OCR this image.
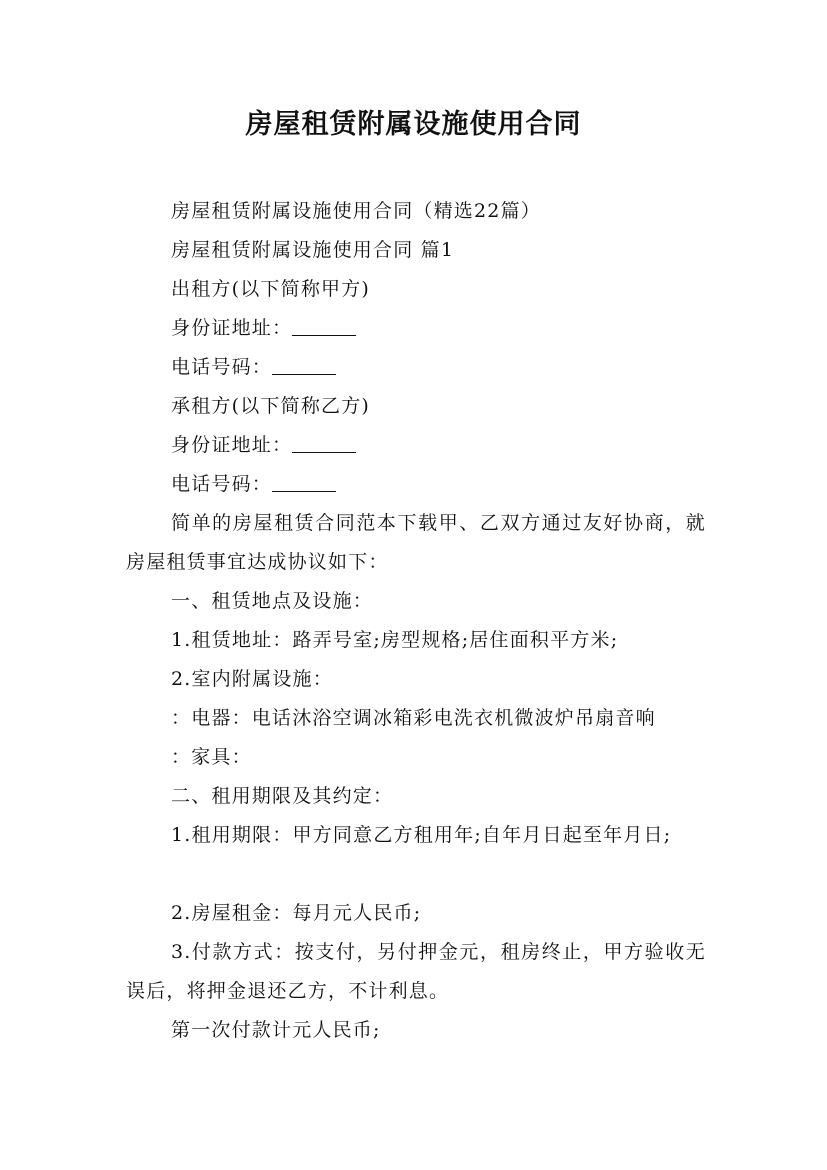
房屋租赁附属设施使用合同

房屋租赁附属设施使用合同（精选22篇）

房屋租赁附属设施使用合同 篇1

出租方(以下简称甲方)

身份证地址：

电话号码：

承租方(以下简称乙方)

身份证地址：

电话号码：

简单的房屋租赁合同范本下载甲、乙双方通过友好协商，就房屋租赁事宜达成协议如下：

一、租赁地点及设施：

1.租赁地址：路弄号室;房型规格;居住面积平方米;

2.室内附属设施：

：电器：电话沐浴空调冰箱彩电洗衣机微波炉吊扇音响

：家具：

二、租用期限及其约定：

1.租用期限：甲方同意乙方租用年;自年月日起至年月日;

2.房屋租金：每月元人民币;

3.付款方式：按支付，另付押金元，租房终止，甲方验收无误后，将押金退还乙方，不计利息。

第一次付款计元人民币;
